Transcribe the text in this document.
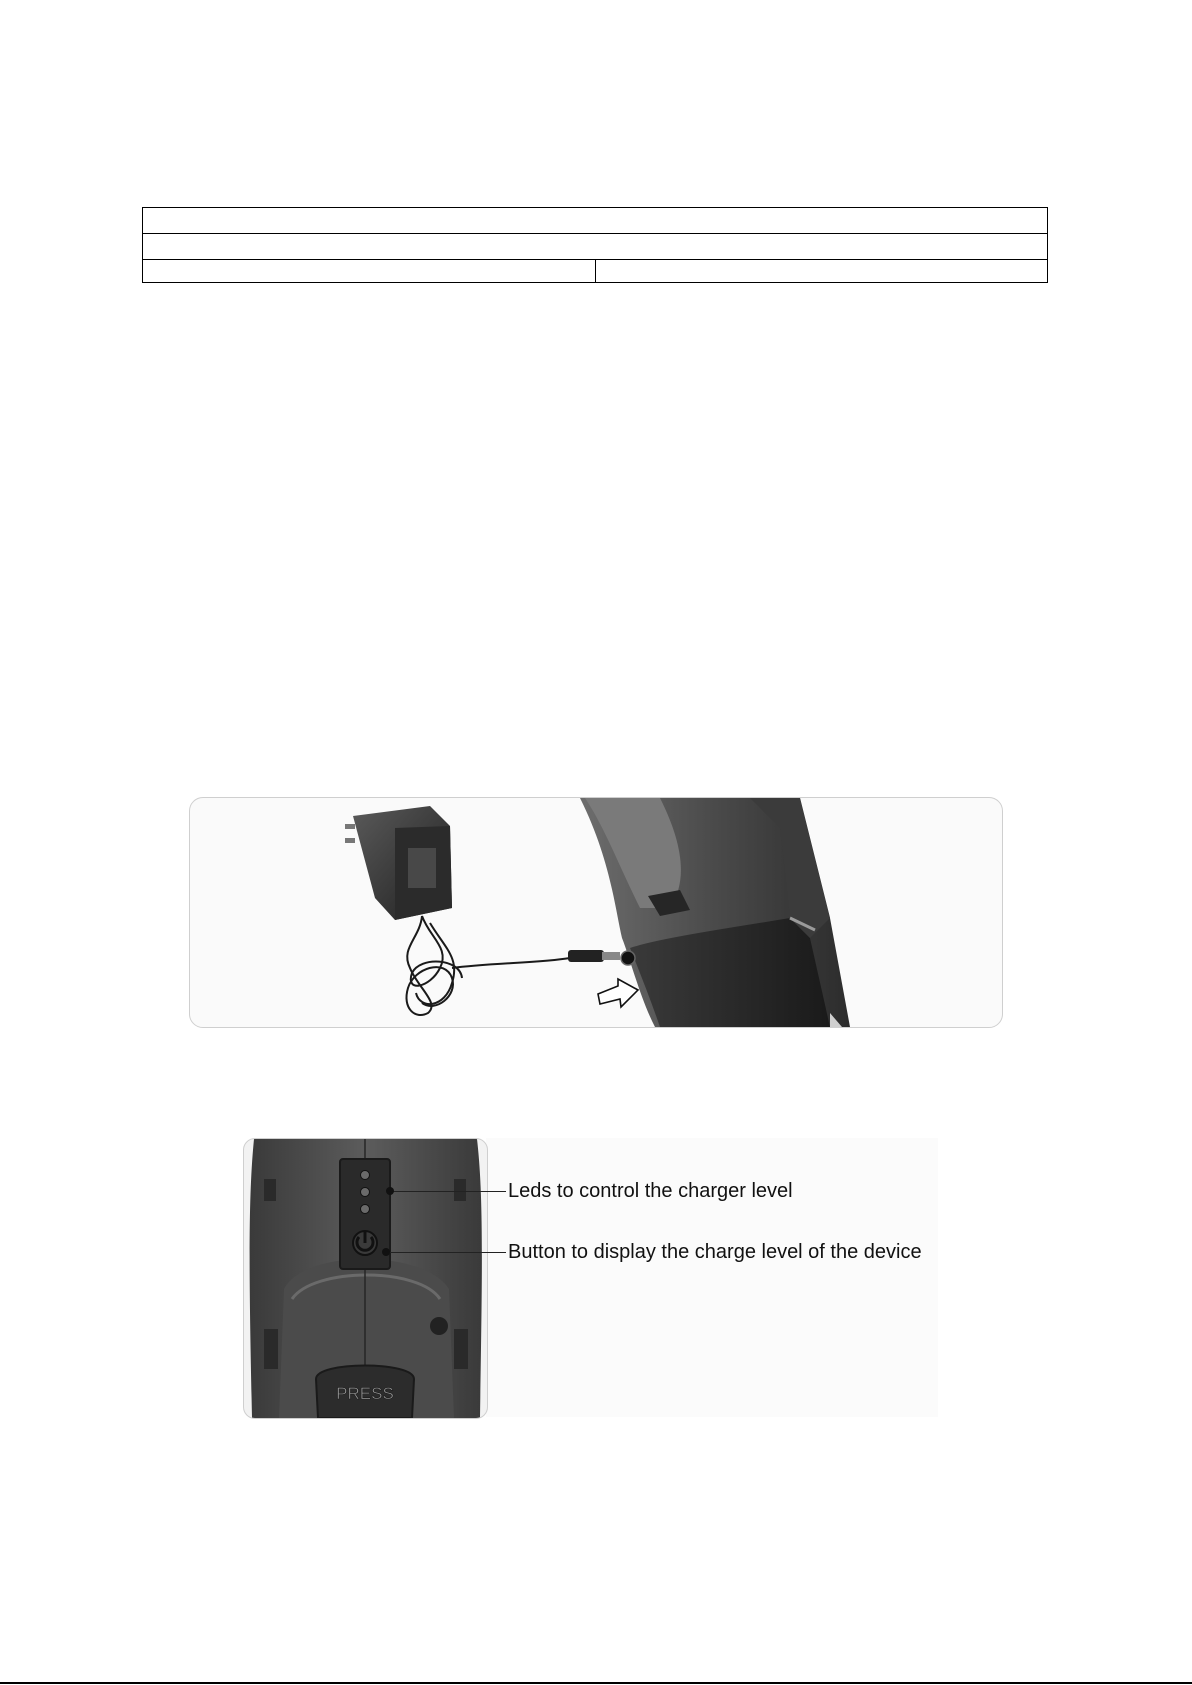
PRESS
Leds to control the charger level
Button to display the charge level of the device
